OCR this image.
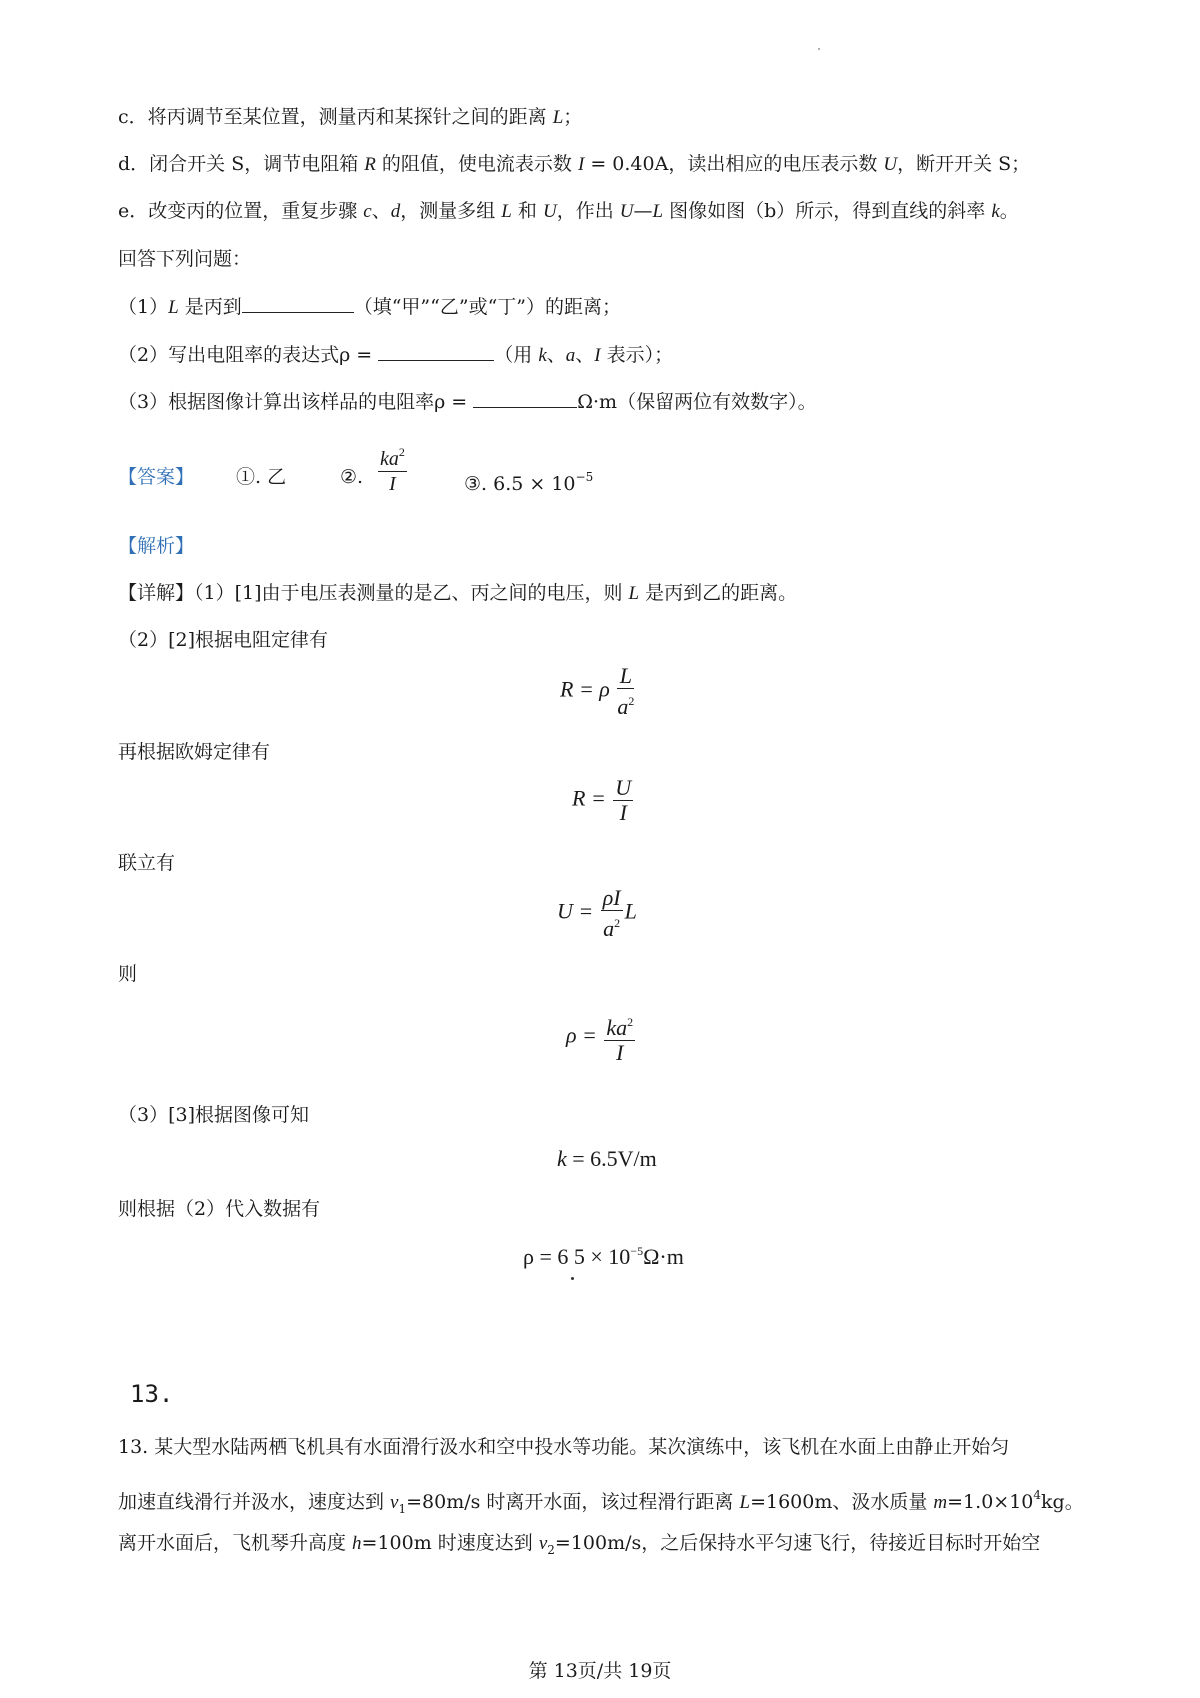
c．将丙调节至某位置，测量丙和某探针之间的距离 L；
d．闭合开关 S，调节电阻箱 R 的阻值，使电流表示数 I = 0.40A，读出相应的电压表示数 U，断开开关 S；
e．改变丙的位置，重复步骤 c、d，测量多组 L 和 U，作出 U—L 图像如图（b）所示，得到直线的斜率 k。
回答下列问题：
（1）L 是丙到	（填“甲”“乙”或“丁”）的距离；
（2）写出电阻率的表达式ρ =	（用 k、a、I 表示）；
（3）根据图像计算出该样品的电阻率ρ =	Ω·m（保留两位有效数字）。
【答案】 ①. 乙	②. $\frac{ka^2}{I}$	③. $6.5 \times 10^{-5}$
【解析】
【详解】（1）[1]由于电压表测量的是乙、丙之间的电压，则 L 是丙到乙的距离。
（2）[2]根据电阻定律有
R = ρ $\frac{L}{a^2}$
再根据欧姆定律有
$R = \frac{U}{I}$
联立有
$U = \frac{\rho I}{a^2}$ L
则
$\rho = \frac{ka^2}{I}$
（3）[3]根据图像可知
k = 6.5V/m
则根据（2）代入数据有
ρ = 6 $5 \times 10^{-5}\Omega\cdot m$
13.
13. 某大型水陆两栖飞机具有水面滑行汲水和空中投水等功能。某次演练中，该飞机在水面上由静止开始匀
加速直线滑行并汲水，速度达到 $v_1=80m/s$ 时离开水面，该过程滑行距离 L=1600m、汲水质量 $m=1.0\times 10^4kg$。
离开水面后，飞机琴升高度 h=100m 时速度达到 $v_2=100m/s$，之后保持水平匀速飞行，待接近目标时开始空
第 13页/共 19页
